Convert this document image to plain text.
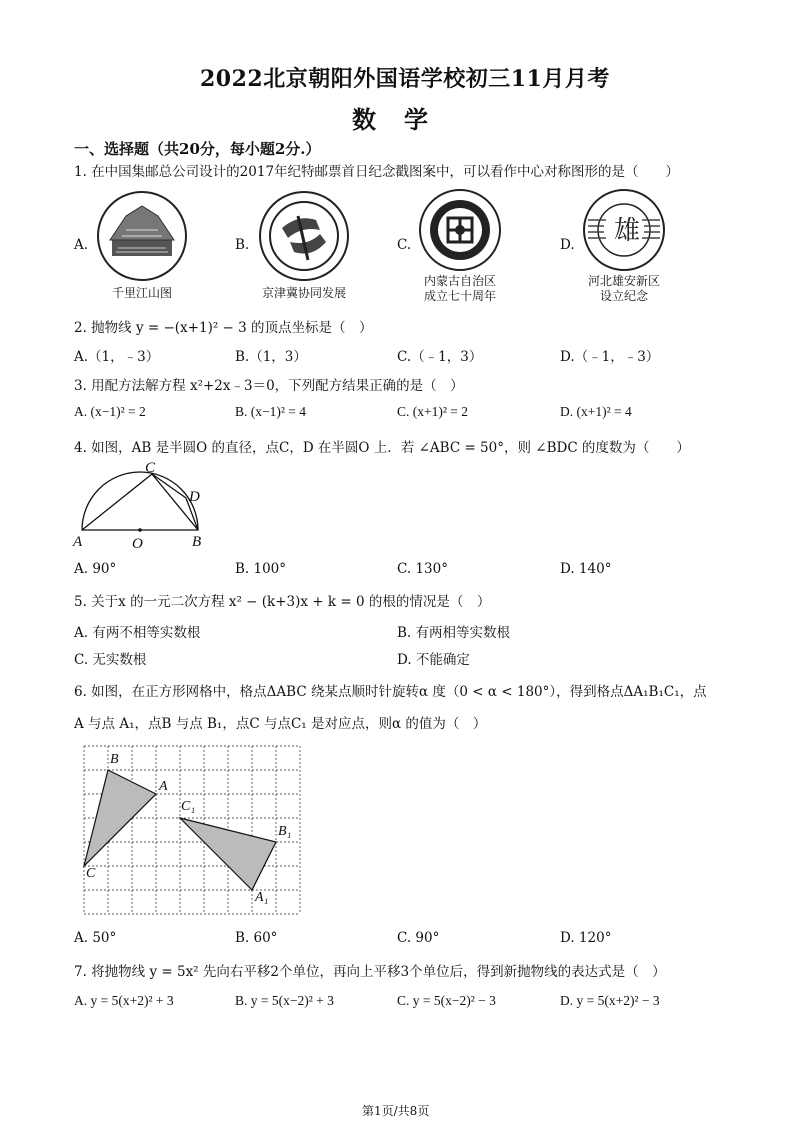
2022北京朝阳外国语学校初三11月月考
数学
一、选择题（共20分，每小题2分.）
1. 在中国集邮总公司设计的2017年纪特邮票首日纪念戳图案中，可以看作中心对称图形的是（　　）
A.
千里江山图
B.
京津冀协同发展
C.
内蒙古自治区
成立七十周年
D. 雄
河北雄安新区
设立纪念
2. 抛物线 y = −(x+1)² − 3 的顶点坐标是（　）
A.（1，﹣3）	B.（1，3）	C.（﹣1，3）	D.（﹣1，﹣3）
3. 用配方法解方程 x²+2x﹣3＝0，下列配方结果正确的是（　）
A. (x−1)² = 2	B. (x−1)² = 4	C. (x+1)² = 2	D. (x+1)² = 4
4. 如图，AB 是半圆O 的直径，点C，D 在半圆O 上．若 ∠ABC = 50°，则 ∠BDC 的度数为（　　）
A	O	B
C
D
A. 90°	B. 100°	C. 130°	D. 140°
5. 关于x 的一元二次方程 x² − (k+3)x + k = 0 的根的情况是（　）
A. 有两不相等实数根	B. 有两相等实数根
C. 无实数根	D. 不能确定
6. 如图，在正方形网格中，格点ΔABC 绕某点顺时针旋转α 度（0 < α < 180°），得到格点ΔA₁B₁C₁，点
A 与点 A₁，点B 与点 B₁，点C 与点C₁ 是对应点，则α 的值为（　）
B
A
C
C₁
B₁
A₁
A. 50°	B. 60°	C. 90°	D. 120°
7. 将抛物线 y = 5x² 先向右平移2个单位，再向上平移3个单位后，得到新抛物线的表达式是（　）
A. y = 5(x+2)² + 3	B. y = 5(x−2)² + 3	C. y = 5(x−2)² − 3	D. y = 5(x+2)² − 3
第1页/共8页
